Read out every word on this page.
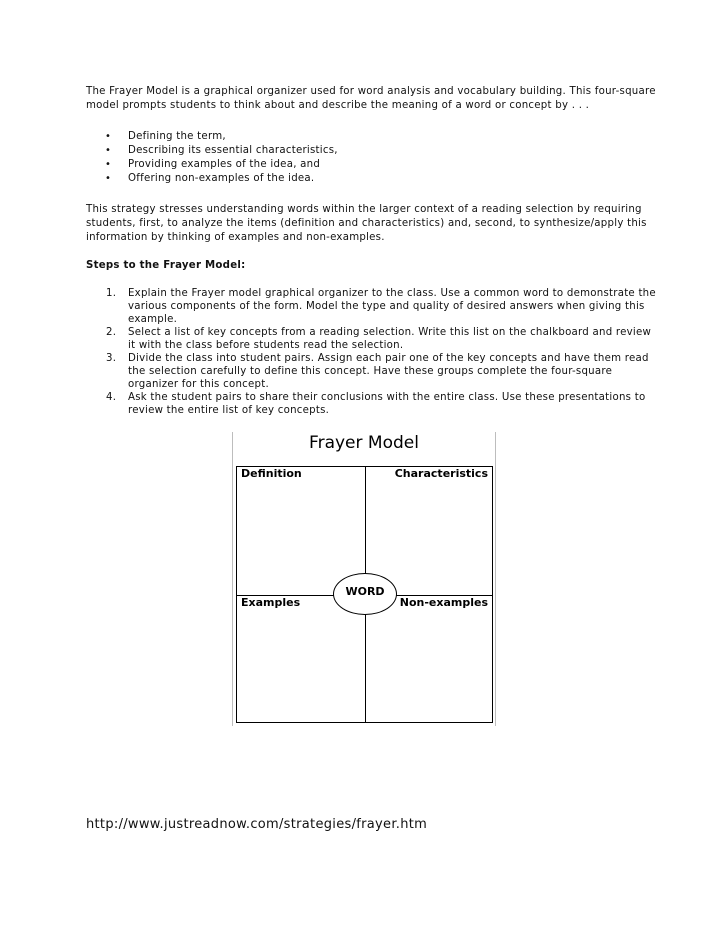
The Frayer Model is a graphical organizer used for word analysis and vocabulary building. This four-square model prompts students to think about and describe the meaning of a word or concept by . . .

• Defining the term,
• Describing its essential characteristics,
• Providing examples of the idea, and
• Offering non-examples of the idea.

This strategy stresses understanding words within the larger context of a reading selection by requiring students, first, to analyze the items (definition and characteristics) and, second, to synthesize/apply this information by thinking of examples and non-examples.

Steps to the Frayer Model:

1. Explain the Frayer model graphical organizer to the class. Use a common word to demonstrate the various components of the form. Model the type and quality of desired answers when giving this example.
2. Select a list of key concepts from a reading selection. Write this list on the chalkboard and review it with the class before students read the selection.
3. Divide the class into student pairs. Assign each pair one of the key concepts and have them read the selection carefully to define this concept. Have these groups complete the four-square organizer for this concept.
4. Ask the student pairs to share their conclusions with the entire class. Use these presentations to review the entire list of key concepts.
Frayer Model
Definition	Characteristics
Examples	Non-examples
WORD
http://www.justreadnow.com/strategies/frayer.htm
